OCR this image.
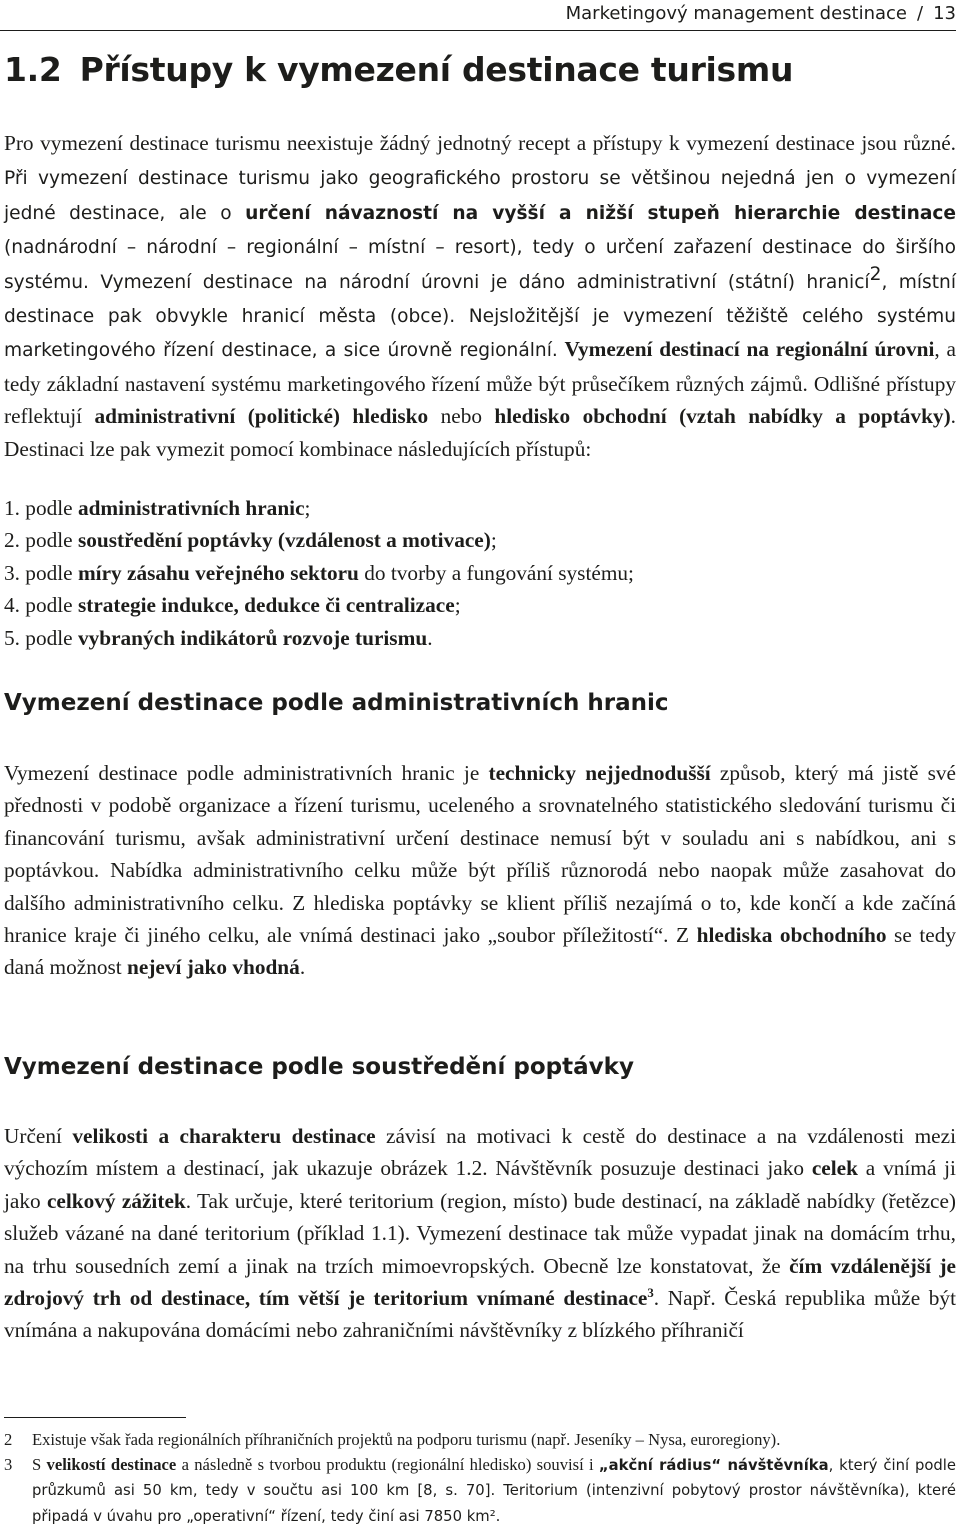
Marketingový management destinace / 13
1.2 Přístupy k vymezení destinace turismu

Pro vymezení destinace turismu neexistuje žádný jednotný recept a přístupy k vymezení destinace jsou různé. Při vymezení destinace turismu jako geografického prostoru se většinou nejedná jen o vymezení jedné destinace, ale o určení návazností na vyšší a nižší stupeň hierarchie destinace (nadnárodní – národní – regionální – místní – resort), tedy o určení zařazení destinace do širšího systému. Vymezení destinace na národní úrovni je dáno administrativní (státní) hranicí$^2$, místní destinace pak obvykle hranicí města (obce). Nejsložitější je vymezení těžiště celého systému marketingového řízení destinace, a sice úrovně regionální. Vymezení destinací na regionální úrovni, a tedy základní nastavení systému marketingového řízení může být průsečíkem různých zájmů. Odlišné přístupy reflektují administrativní (politické) hledisko nebo hledisko obchodní (vztah nabídky a poptávky). Destinaci lze pak vymezit pomocí kombinace následujících přístupů:

1. podle administrativních hranic;
2. podle soustředění poptávky (vzdálenost a motivace);
3. podle míry zásahu veřejného sektoru do tvorby a fungování systému;
4. podle strategie indukce, dedukce či centralizace;
5. podle vybraných indikátorů rozvoje turismu.
Vymezení destinace podle administrativních hranic

Vymezení destinace podle administrativních hranic je technicky nejjednodušší způsob, který má jistě své přednosti v podobě organizace a řízení turismu, uceleného a srovnatelného statistického sledování turismu či financování turismu, avšak administrativní určení destinace nemusí být v souladu ani s nabídkou, ani s poptávkou. Nabídka administrativního celku může být příliš různorodá nebo naopak může zasahovat do dalšího administrativního celku. Z hlediska poptávky se klient příliš nezajímá o to, kde končí a kde začíná hranice kraje či jiného celku, ale vnímá destinaci jako „soubor příležitostí“. Z hlediska obchodního se tedy daná možnost nejeví jako vhodná.

Vymezení destinace podle soustředění poptávky

Určení velikosti a charakteru destinace závisí na motivaci k cestě do destinace a na vzdálenosti mezi výchozím místem a destinací, jak ukazuje obrázek 1.2. Návštěvník posuzuje destinaci jako celek a vnímá ji jako celkový zážitek. Tak určuje, které teritorium (region, místo) bude destinací, na základě nabídky (řetězce) služeb vázané na dané teritorium (příklad 1.1). Vymezení destinace tak může vypadat jinak na domácím trhu, na trhu sousedních zemí a jinak na trzích mimoevropských. Obecně lze konstatovat, že čím vzdálenější je zdrojový trh od destinace, tím větší je teritorium vnímané destinace$^3$. Např. Česká republika může být vnímána a nakupována domácími nebo zahraničními návštěvníky z blízkého příhraničí

2 Existuje však řada regionálních příhraničních projektů na podporu turismu (např. Jeseníky – Nysa, euroregiony).
3 S velikostí destinace a následně s tvorbou produktu (regionální hledisko) souvisí i „akční rádius“ návštěvníka, který činí podle průzkumů asi 50 km, tedy v součtu asi 100 km [8, s. 70]. Teritorium (intenzivní pobytový prostor návštěvníka), které připadá v úvahu pro „operativní“ řízení, tedy činí asi 7850 km².
